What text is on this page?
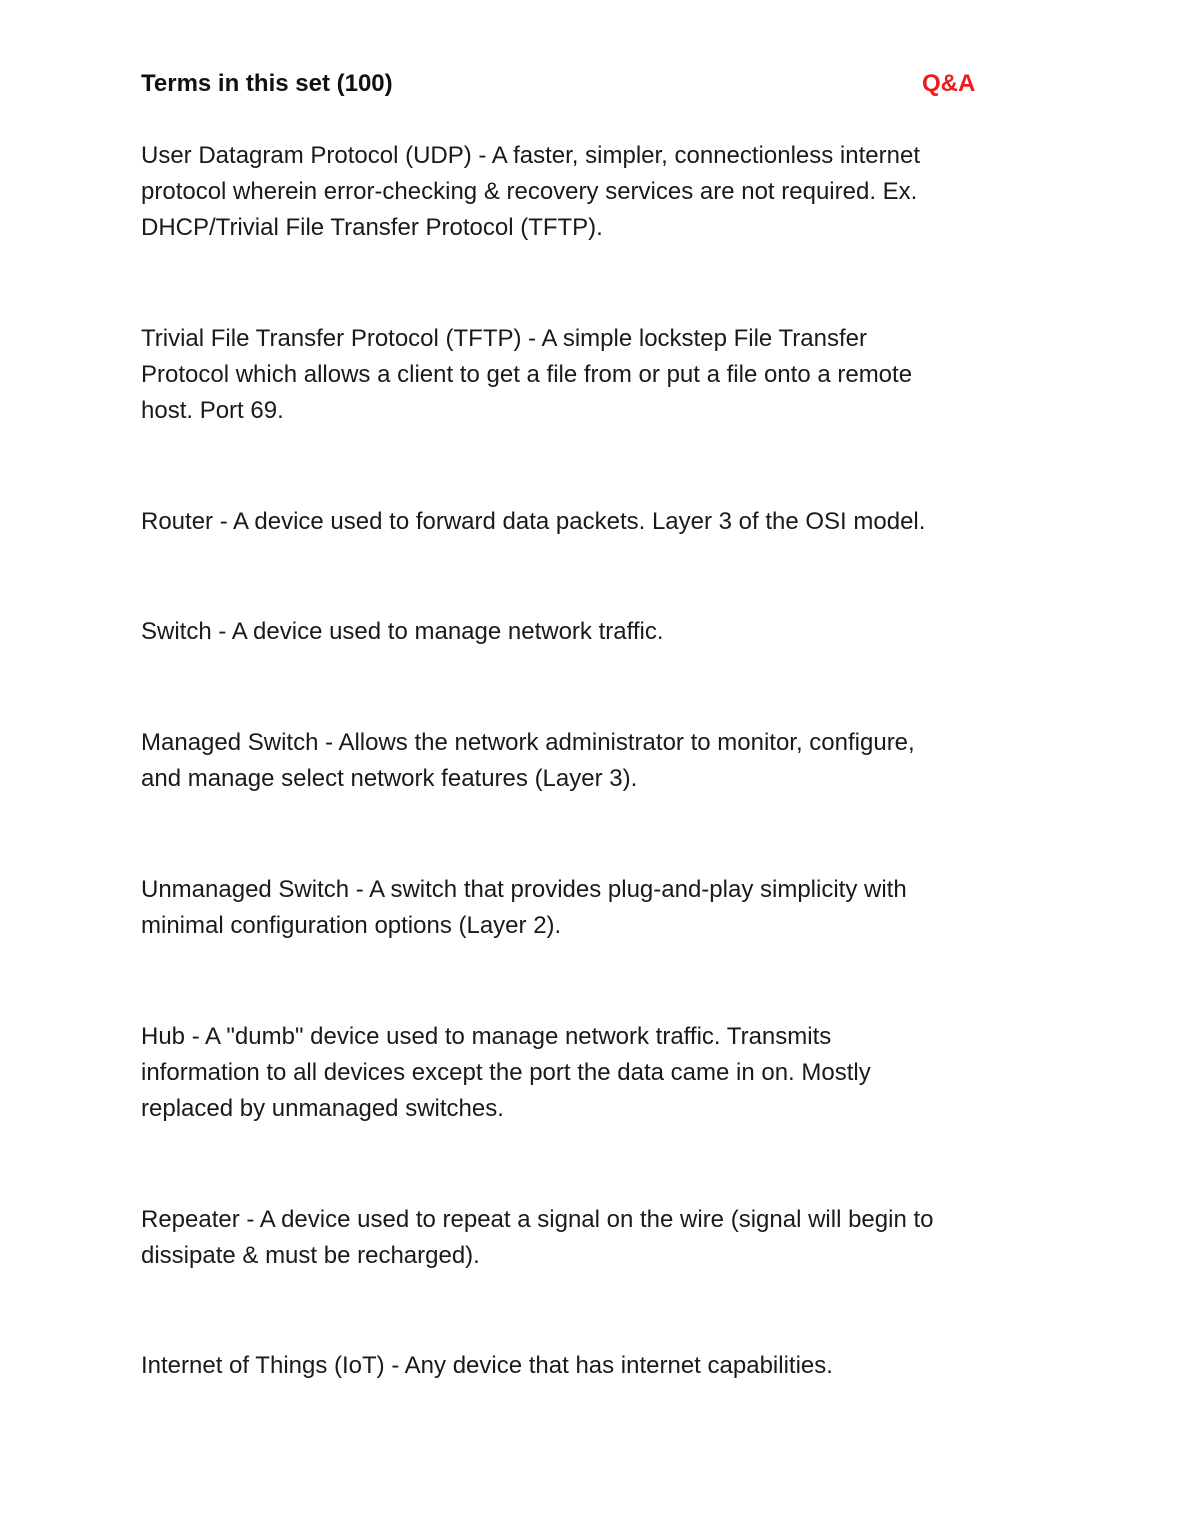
Terms in this set (100)	Q&A
User Datagram Protocol (UDP) - A faster, simpler, connectionless internet
protocol wherein error-checking & recovery services are not required. Ex.
DHCP/Trivial File Transfer Protocol (TFTP).
Trivial File Transfer Protocol (TFTP) - A simple lockstep File Transfer
Protocol which allows a client to get a file from or put a file onto a remote
host. Port 69.
Router - A device used to forward data packets. Layer 3 of the OSI model.
Switch - A device used to manage network traffic.
Managed Switch - Allows the network administrator to monitor, configure,
and manage select network features (Layer 3).
Unmanaged Switch - A switch that provides plug-and-play simplicity with
minimal configuration options (Layer 2).
Hub - A "dumb" device used to manage network traffic. Transmits
information to all devices except the port the data came in on. Mostly
replaced by unmanaged switches.
Repeater - A device used to repeat a signal on the wire (signal will begin to
dissipate & must be recharged).
Internet of Things (IoT) - Any device that has internet capabilities.
